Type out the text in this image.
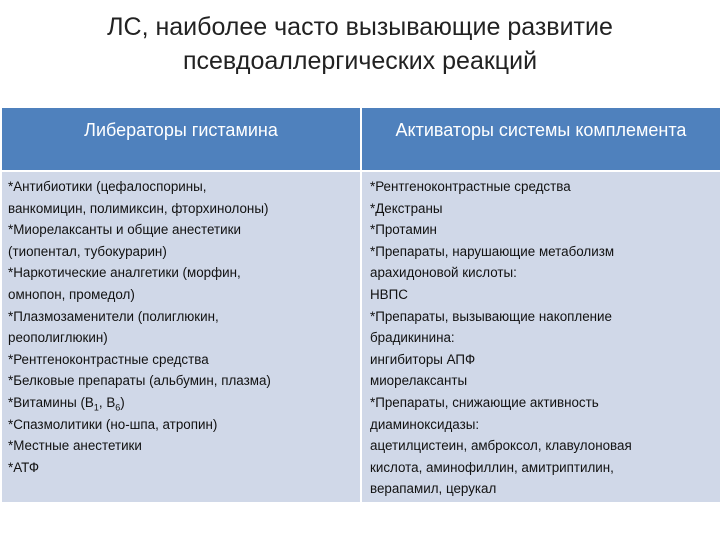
ЛС, наиболее часто вызывающие развитие
псевдоаллергических реакций
Либераторы гистамина	Активаторы системы комплемента
*Антибиотики (цефалоспорины,
ванкомицин, полимиксин, фторхинолоны)
*Миорелаксанты и общие анестетики
(тиопентал, тубокурарин)
*Наркотические аналгетики (морфин,
омнопон, промедол)
*Плазмозаменители (полиглюкин,
реополиглюкин)
*Рентгеноконтрастные средства
*Белковые препараты (альбумин, плазма)
*Витамины ($B_1$, $B_6$)
*Спазмолитики (но-шпа, атропин)
*Местные анестетики
*АТФ
*Рентгеноконтрастные средства
*Декстраны
*Протамин
*Препараты, нарушающие метаболизм
арахидоновой кислоты:
НВПС
*Препараты, вызывающие накопление
брадикинина:
ингибиторы АПФ
миорелаксанты
*Препараты, снижающие активность
диаминоксидазы:
ацетилцистеин, амброксол, клавулоновая
кислота, аминофиллин, амитриптилин,
верапамил, церукал
